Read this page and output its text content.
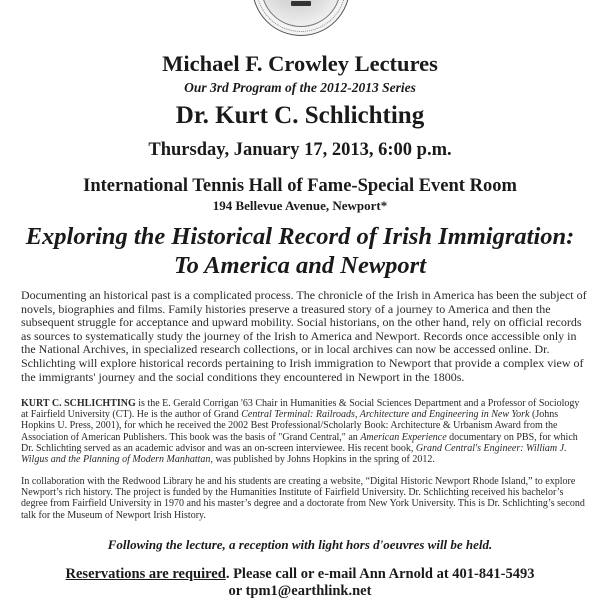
Michael F. Crowley Lectures
Our 3rd Program of the 2012-2013 Series
Dr. Kurt C. Schlichting
Thursday, January 17, 2013, 6:00 p.m.
International Tennis Hall of Fame-Special Event Room
194 Bellevue Avenue, Newport*
Exploring the Historical Record of Irish Immigration:
To America and Newport
Documenting an historical past is a complicated process. The chronicle of the Irish in America has been the subject of
novels, biographies and films. Family histories preserve a treasured story of a journey to America and then the
subsequent struggle for acceptance and upward mobility. Social historians, on the other hand, rely on official records
as sources to systematically study the journey of the Irish to America and Newport. Records once accessible only in
the National Archives, in specialized research collections, or in local archives can now be accessed online. Dr.
Schlichting will explore historical records pertaining to Irish immigration to Newport that provide a complex view of
the immigrants' journey and the social conditions they encountered in Newport in the 1800s.
KURT C. SCHLICHTING is the E. Gerald Corrigan '63 Chair in Humanities & Social Sciences Department and a Professor of Sociology
at Fairfield University (CT). He is the author of Grand Central Terminal: Railroads, Architecture and Engineering in New York (Johns
Hopkins U. Press, 2001), for which he received the 2002 Best Professional/Scholarly Book: Architecture & Urbanism Award from the
Association of American Publishers. This book was the basis of "Grand Central," an American Experience documentary on PBS, for which
Dr. Schlichting served as an academic advisor and was an on-screen interviewee. His recent book, Grand Central's Engineer: William J.
Wilgus and the Planning of Modern Manhattan, was published by Johns Hopkins in the spring of 2012.
In collaboration with the Redwood Library he and his students are creating a website, “Digital Historic Newport Rhode Island,” to explore
Newport’s rich history. The project is funded by the Humanities Institute of Fairfield University. Dr. Schlichting received his bachelor’s
degree from Fairfield University in 1970 and his master’s degree and a doctorate from New York University. This is Dr. Schlichting’s second
talk for the Museum of Newport Irish History.
Following the lecture, a reception with light hors d'oeuvres will be held.
Reservations are required. Please call or e-mail Ann Arnold at 401-841-5493
or tpm1@earthlink.net
